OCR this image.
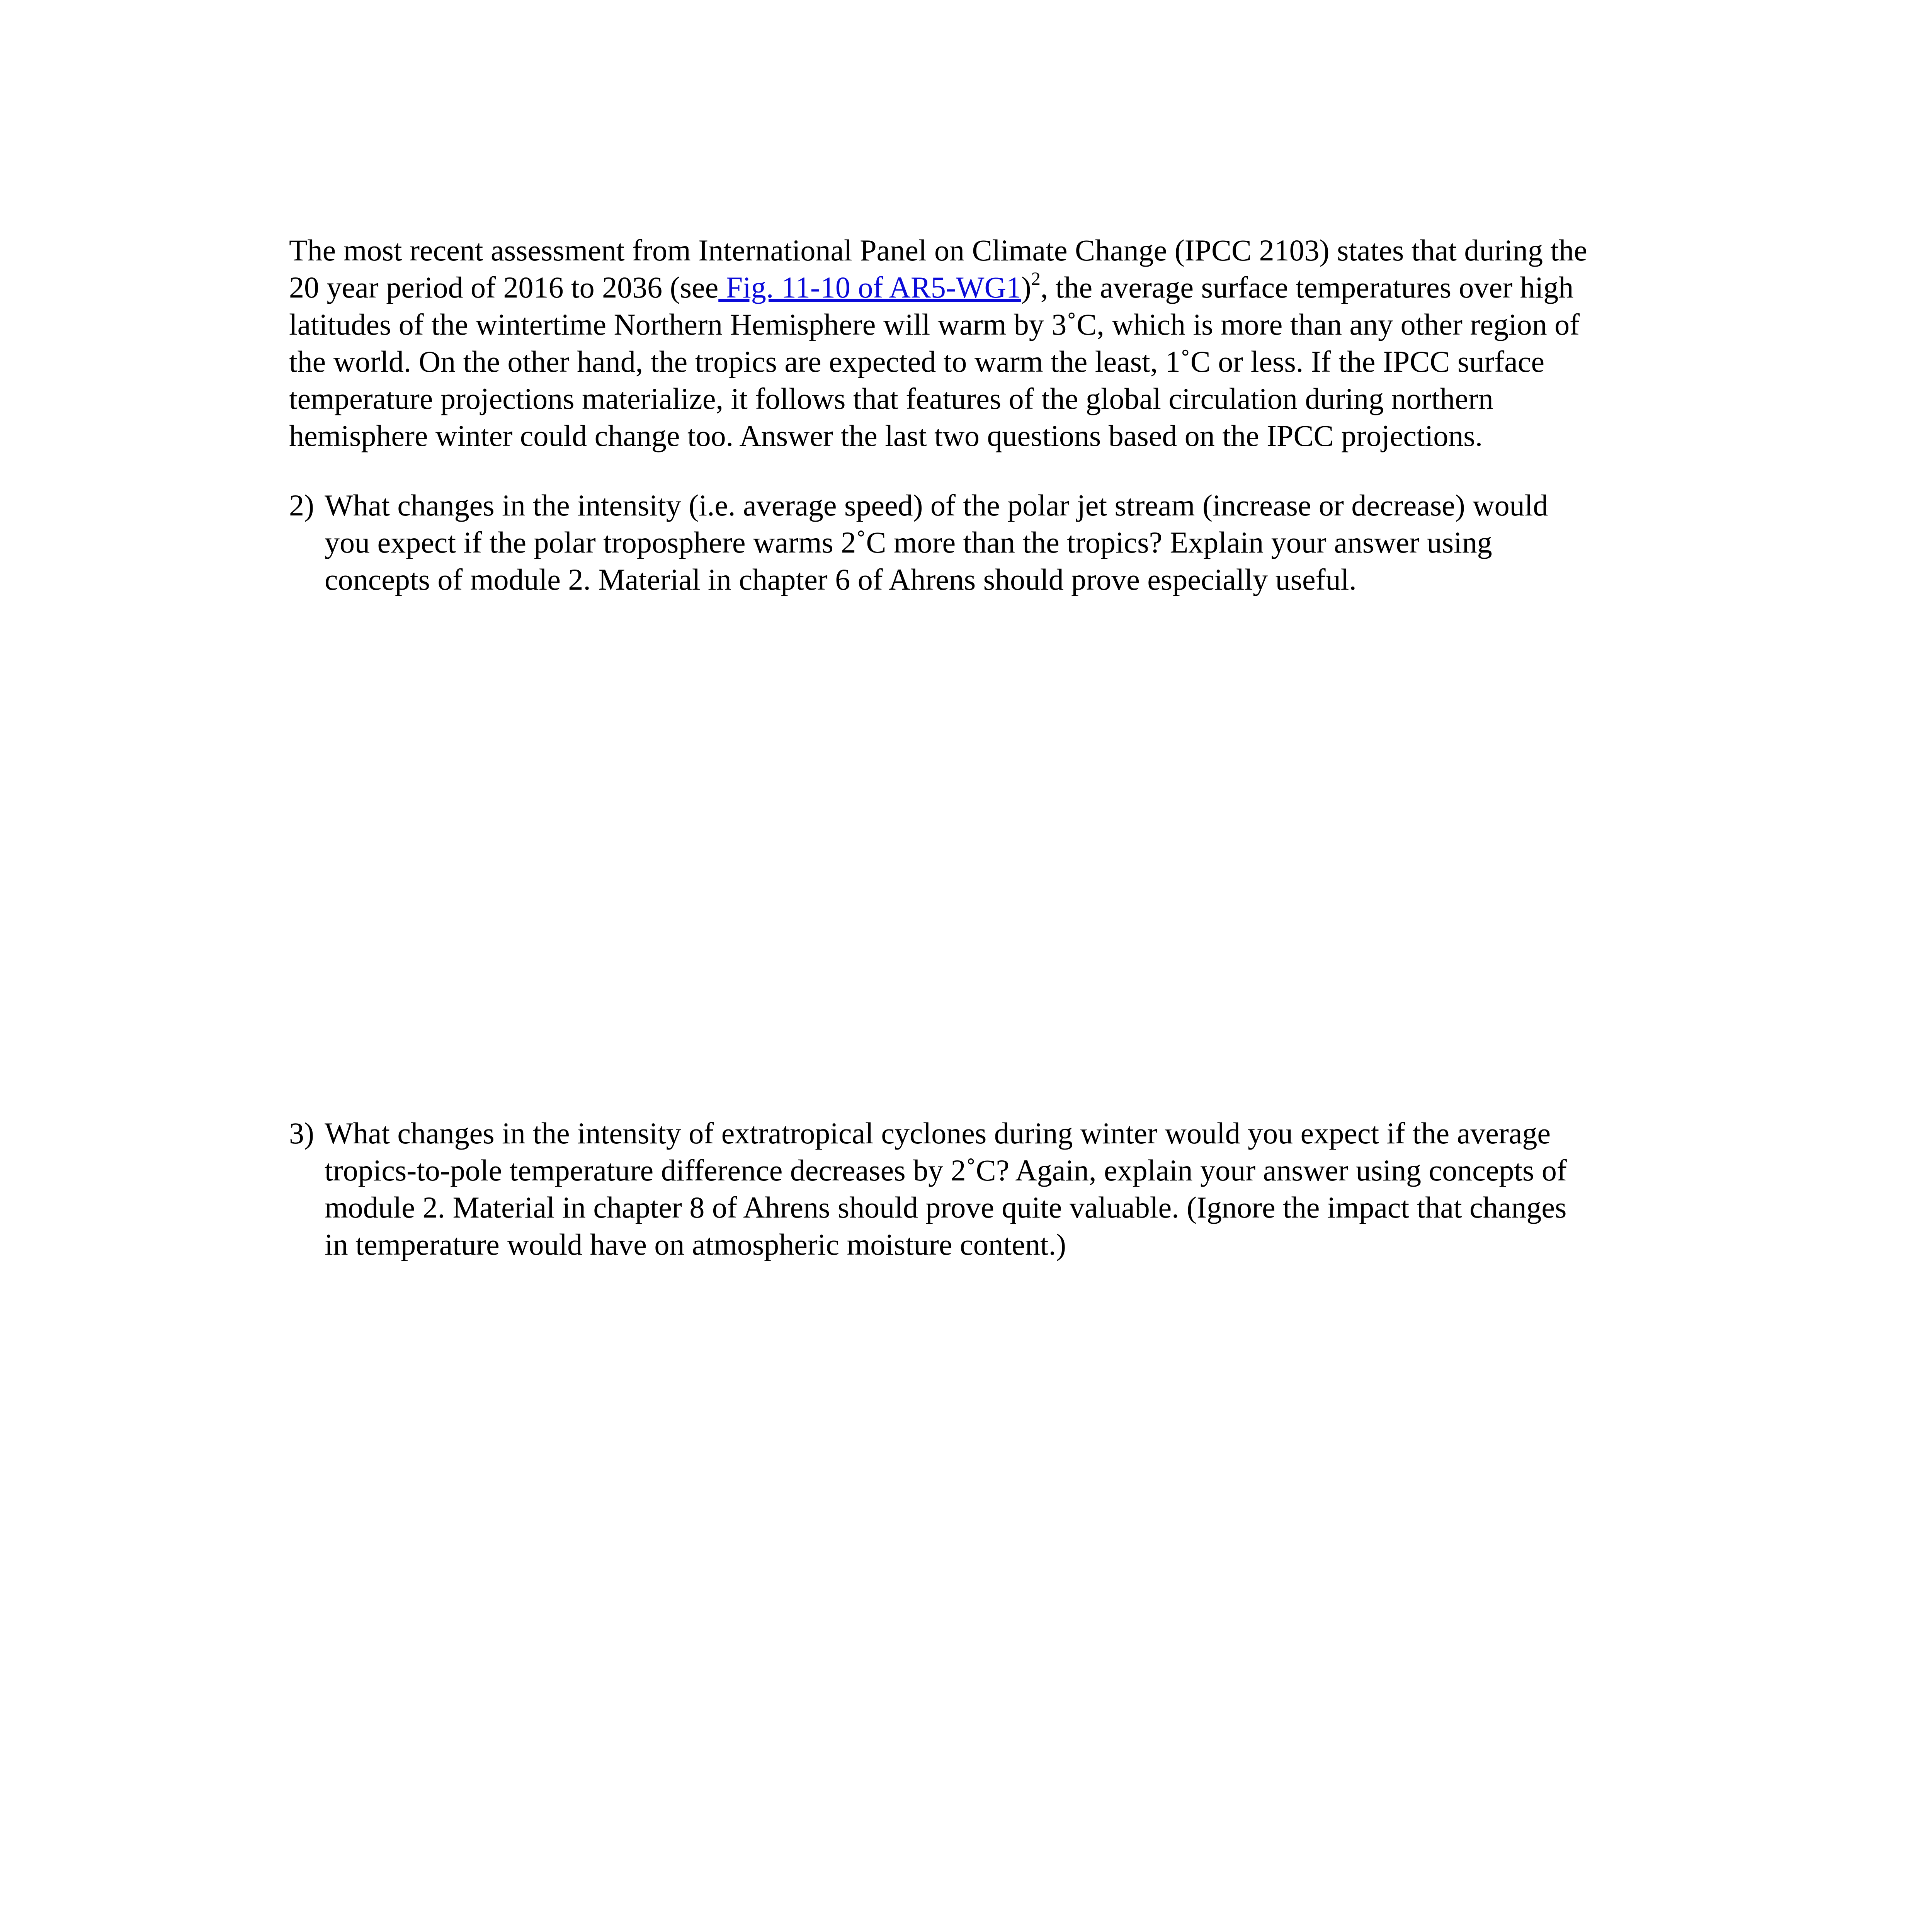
The most recent assessment from International Panel on Climate Change (IPCC 2103) states that during the
20 year period of 2016 to 2036 (see Fig. 11-10 of AR5-WG1)$^2$, the average surface temperatures over high
latitudes of the wintertime Northern Hemisphere will warm by 3˚C, which is more than any other region of
the world. On the other hand, the tropics are expected to warm the least, 1˚C or less. If the IPCC surface
temperature projections materialize, it follows that features of the global circulation during northern
hemisphere winter could change too. Answer the last two questions based on the IPCC projections.
2) What changes in the intensity (i.e. average speed) of the polar jet stream (increase or decrease) would
you expect if the polar troposphere warms 2˚C more than the tropics? Explain your answer using
concepts of module 2. Material in chapter 6 of Ahrens should prove especially useful.
3) What changes in the intensity of extratropical cyclones during winter would you expect if the average
tropics-to-pole temperature difference decreases by 2˚C? Again, explain your answer using concepts of
module 2. Material in chapter 8 of Ahrens should prove quite valuable. (Ignore the impact that changes
in temperature would have on atmospheric moisture content.)
